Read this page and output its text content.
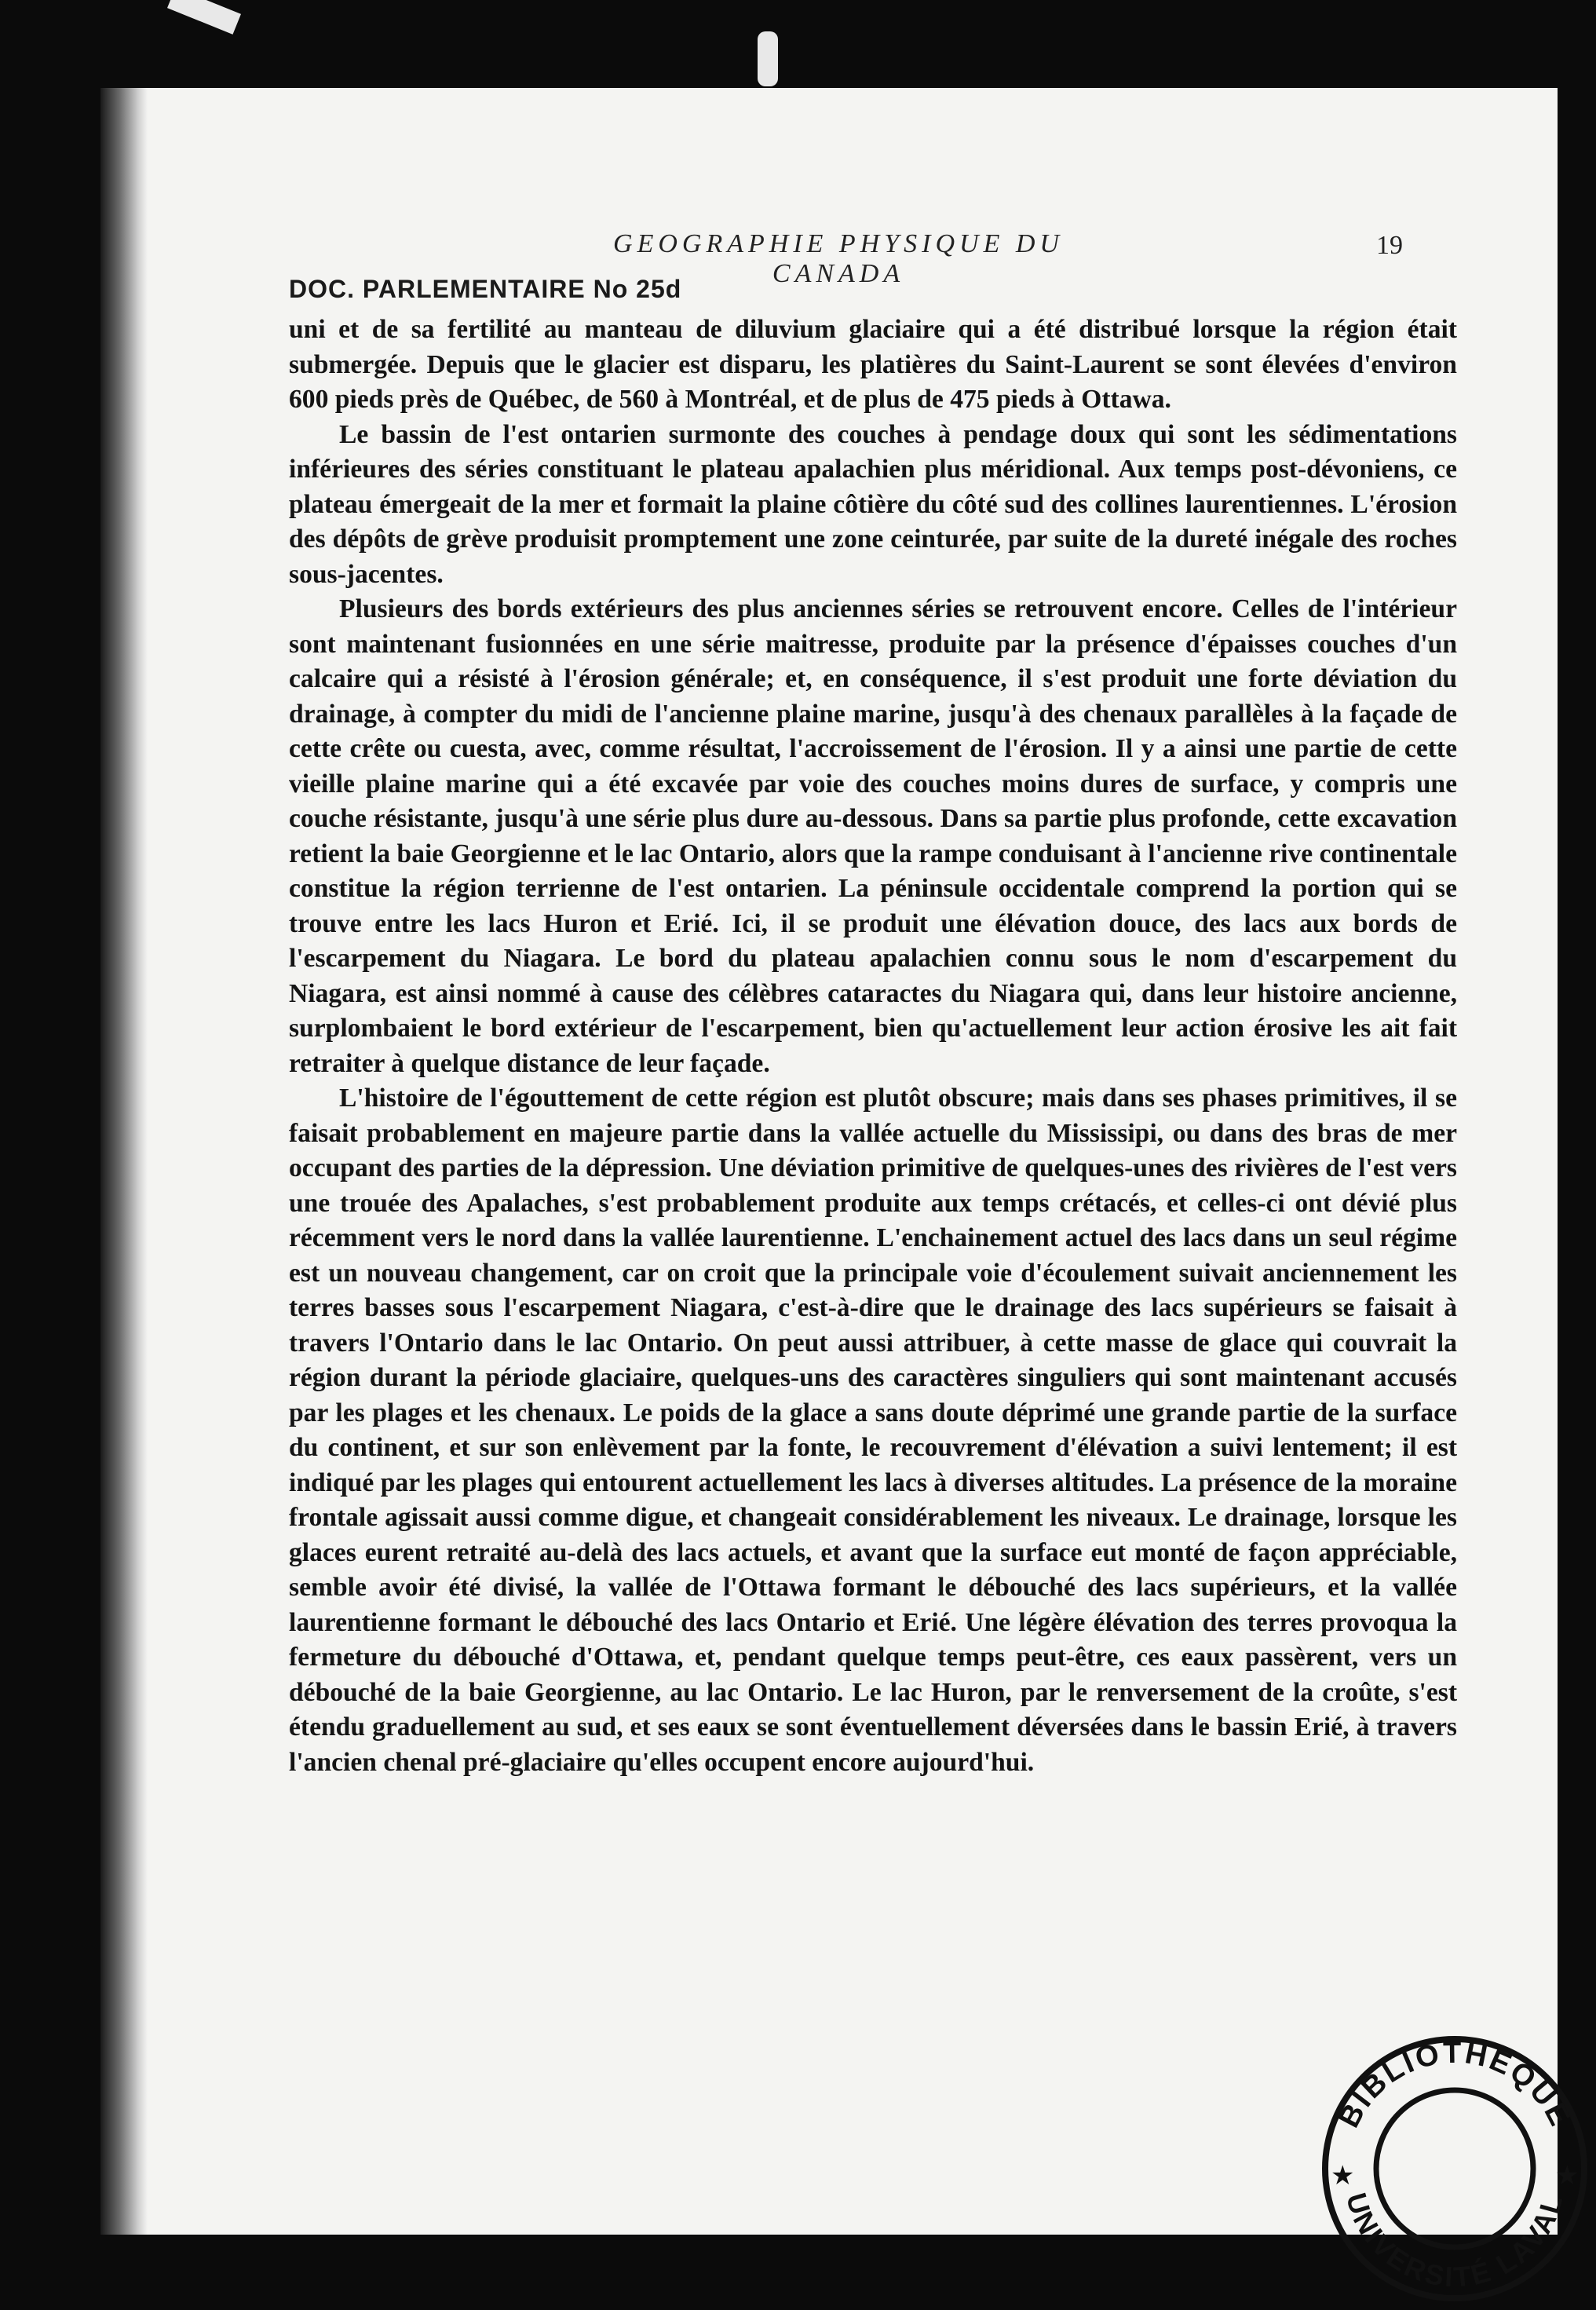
GEOGRAPHIE PHYSIQUE DU CANADA
19
DOC. PARLEMENTAIRE No 25d

uni et de sa fertilité au manteau de diluvium glaciaire qui a été distribué lorsque la région était submergée. Depuis que le glacier est disparu, les platières du Saint-Laurent se sont élevées d'environ 600 pieds près de Québec, de 560 à Montréal, et de plus de 475 pieds à Ottawa.

Le bassin de l'est ontarien surmonte des couches à pendage doux qui sont les sédimentations inférieures des séries constituant le plateau apalachien plus méridional. Aux temps post-dévoniens, ce plateau émergeait de la mer et formait la plaine côtière du côté sud des collines laurentiennes. L'érosion des dépôts de grève produisit promptement une zone ceinturée, par suite de la dureté inégale des roches sous-jacentes.

Plusieurs des bords extérieurs des plus anciennes séries se retrouvent encore. Celles de l'intérieur sont maintenant fusionnées en une série maitresse, produite par la présence d'épaisses couches d'un calcaire qui a résisté à l'érosion générale; et, en conséquence, il s'est produit une forte déviation du drainage, à compter du midi de l'ancienne plaine marine, jusqu'à des chenaux parallèles à la façade de cette crête ou cuesta, avec, comme résultat, l'accroissement de l'érosion. Il y a ainsi une partie de cette vieille plaine marine qui a été excavée par voie des couches moins dures de surface, y compris une couche résistante, jusqu'à une série plus dure au-dessous. Dans sa partie plus profonde, cette excavation retient la baie Georgienne et le lac Ontario, alors que la rampe conduisant à l'ancienne rive continentale constitue la région terrienne de l'est ontarien. La péninsule occidentale comprend la portion qui se trouve entre les lacs Huron et Erié. Ici, il se produit une élévation douce, des lacs aux bords de l'escarpement du Niagara. Le bord du plateau apalachien connu sous le nom d'escarpement du Niagara, est ainsi nommé à cause des célèbres cataractes du Niagara qui, dans leur histoire ancienne, surplombaient le bord extérieur de l'escarpement, bien qu'actuellement leur action érosive les ait fait retraiter à quelque distance de leur façade.

L'histoire de l'égouttement de cette région est plutôt obscure; mais dans ses phases primitives, il se faisait probablement en majeure partie dans la vallée actuelle du Mississipi, ou dans des bras de mer occupant des parties de la dépression. Une déviation primitive de quelques-unes des rivières de l'est vers une trouée des Apalaches, s'est probablement produite aux temps crétacés, et celles-ci ont dévié plus récemment vers le nord dans la vallée laurentienne. L'enchainement actuel des lacs dans un seul régime est un nouveau changement, car on croit que la principale voie d'écoulement suivait anciennement les terres basses sous l'escarpement Niagara, c'est-à-dire que le drainage des lacs supérieurs se faisait à travers l'Ontario dans le lac Ontario. On peut aussi attribuer, à cette masse de glace qui couvrait la région durant la période glaciaire, quelques-uns des caractères singuliers qui sont maintenant accusés par les plages et les chenaux. Le poids de la glace a sans doute déprimé une grande partie de la surface du continent, et sur son enlèvement par la fonte, le recouvrement d'élévation a suivi lentement; il est indiqué par les plages qui entourent actuellement les lacs à diverses altitudes. La présence de la moraine frontale agissait aussi comme digue, et changeait considérablement les niveaux. Le drainage, lorsque les glaces eurent retraité au-delà des lacs actuels, et avant que la surface eut monté de façon appréciable, semble avoir été divisé, la vallée de l'Ottawa formant le débouché des lacs supérieurs, et la vallée laurentienne formant le débouché des lacs Ontario et Erié. Une légère élévation des terres provoqua la fermeture du débouché d'Ottawa, et, pendant quelque temps peut-être, ces eaux passèrent, vers un débouché de la baie Georgienne, au lac Ontario. Le lac Huron, par le renversement de la croûte, s'est étendu graduellement au sud, et ses eaux se sont éventuellement déversées dans le bassin Erié, à travers l'ancien chenal pré-glaciaire qu'elles occupent encore aujourd'hui.

BIBLIOTHÈQUE
UNIVERSITÉ LAVAL
★	★
